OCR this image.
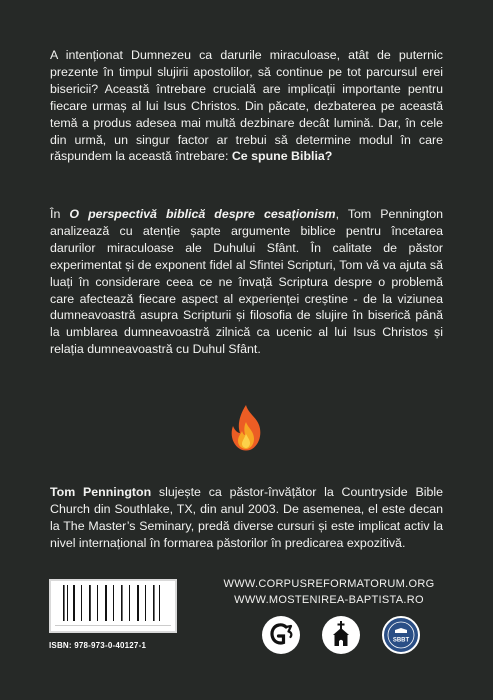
A intenționat Dumnezeu ca darurile miraculoase, atât de puternic prezente în timpul slujirii apostolilor, să continue pe tot parcursul erei bisericii? Această întrebare crucială are implicații importante pentru fiecare urmaș al lui Isus Christos. Din păcate, dezbaterea pe această temă a produs adesea mai multă dezbinare decât lumină. Dar, în cele din urmă, un singur factor ar trebui să determine modul în care răspundem la această întrebare: Ce spune Biblia?

În O perspectivă biblică despre cesaționism, Tom Pennington analizează cu atenție șapte argumente biblice pentru încetarea darurilor miraculoase ale Duhului Sfânt. În calitate de păstor experimentat și de exponent fidel al Sfintei Scripturi, Tom vă va ajuta să luați în considerare ceea ce ne învață Scriptura despre o problemă care afectează fiecare aspect al experienței creștine - de la viziunea dumneavoastră asupra Scripturii și filosofia de slujire în biserică până la umblarea dumneavoastră zilnică ca ucenic al lui Isus Christos și relația dumneavoastră cu Duhul Sfânt.

Tom Pennington slujește ca păstor-învățător la Countryside Bible Church din Southlake, TX, din anul 2003. De asemenea, el este decan la The Master’s Seminary, predă diverse cursuri și este implicat activ la nivel internațional în formarea păstorilor în predicarea expozitivă.

ISBN: 978-973-0-40127-1
WWW.CORPUSREFORMATORUM.ORG
WWW.MOSTENIREA-BAPTISTA.RO
SBBT
